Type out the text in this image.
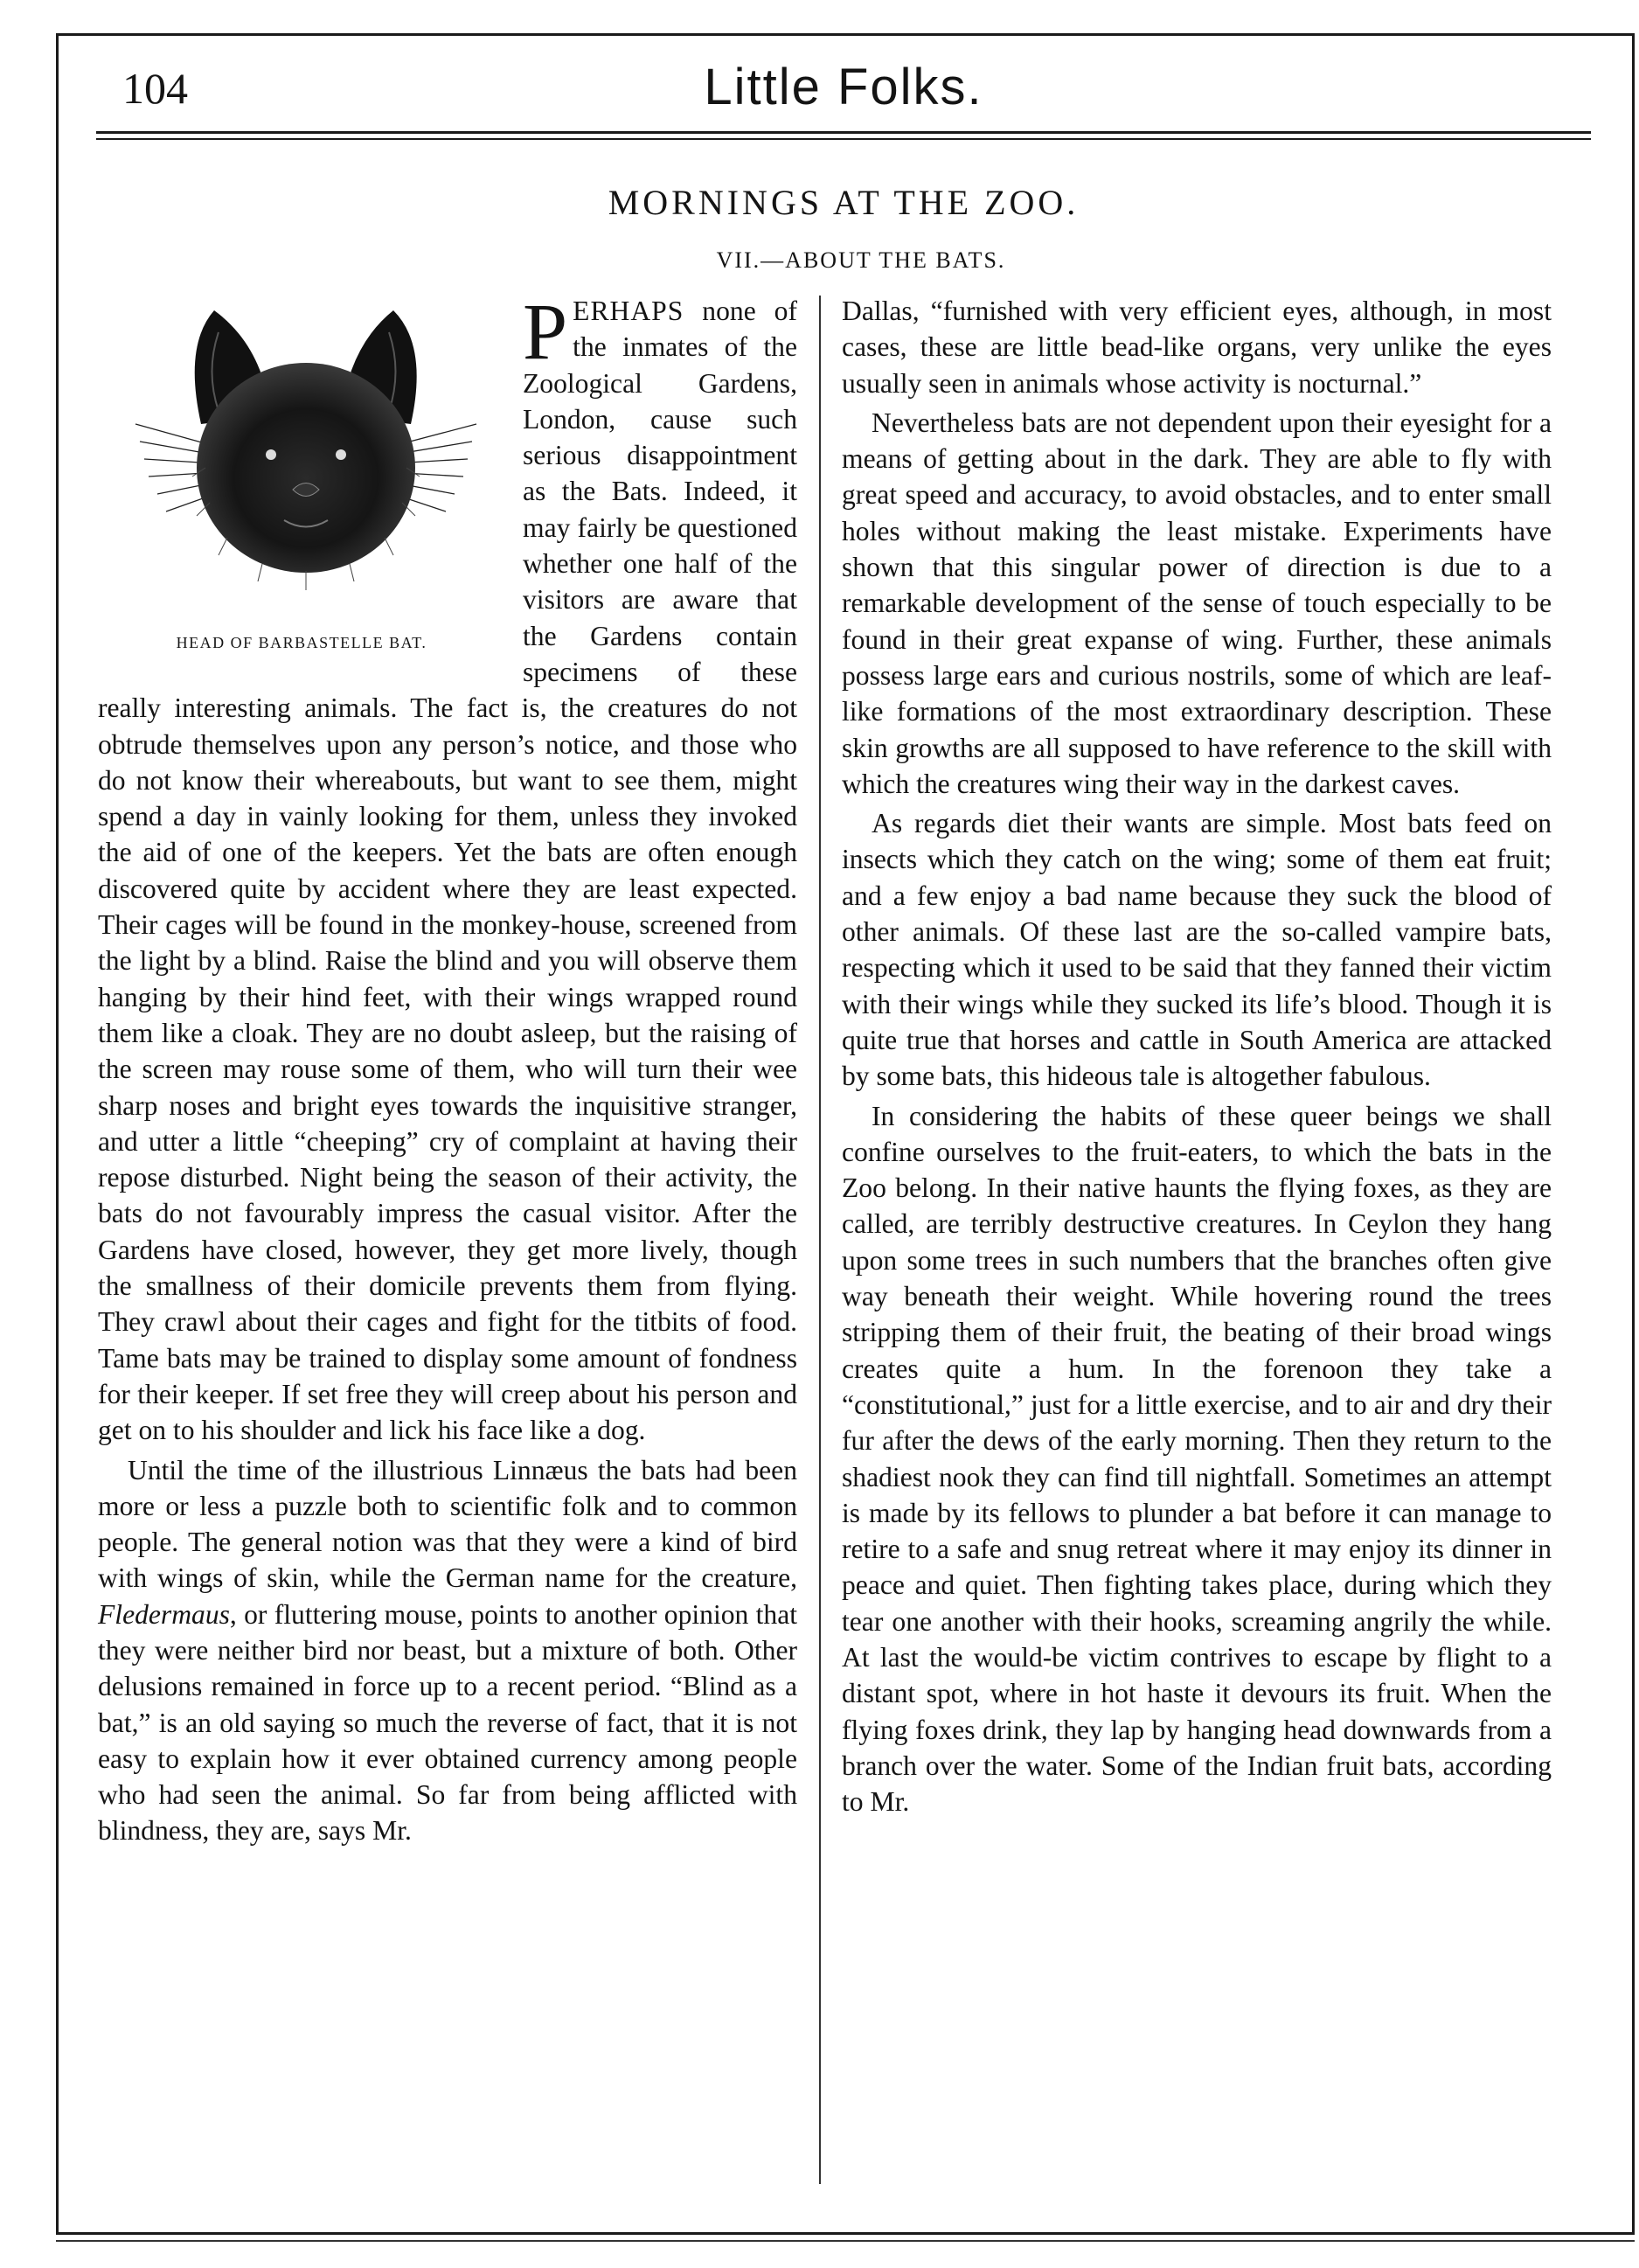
104	Little Folks.
MORNINGS AT THE ZOO.
VII.—ABOUT THE BATS.
HEAD OF BARBASTELLE BAT.

PERHAPS none of the inmates of the Zoological Gardens, London, cause such serious disappointment as the Bats. Indeed, it may fairly be questioned whether one half of the visitors are aware that the Gardens contain specimens of these really interesting animals. The fact is, the creatures do not obtrude themselves upon any person’s notice, and those who do not know their whereabouts, but want to see them, might spend a day in vainly looking for them, unless they invoked the aid of one of the keepers. Yet the bats are often enough discovered quite by accident where they are least expected. Their cages will be found in the monkey-house, screened from the light by a blind. Raise the blind and you will observe them hanging by their hind feet, with their wings wrapped round them like a cloak. They are no doubt asleep, but the raising of the screen may rouse some of them, who will turn their wee sharp noses and bright eyes towards the inquisitive stranger, and utter a little “cheeping” cry of complaint at having their repose disturbed. Night being the season of their activity, the bats do not favourably impress the casual visitor. After the Gardens have closed, however, they get more lively, though the smallness of their domicile prevents them from flying. They crawl about their cages and fight for the titbits of food. Tame bats may be trained to display some amount of fondness for their keeper. If set free they will creep about his person and get on to his shoulder and lick his face like a dog.

Until the time of the illustrious Linnæus the bats had been more or less a puzzle both to scientific folk and to common people. The general notion was that they were a kind of bird with wings of skin, while the German name for the creature, Fledermaus, or fluttering mouse, points to another opinion that they were neither bird nor beast, but a mixture of both. Other delusions remained in force up to a recent period. “Blind as a bat,” is an old saying so much the reverse of fact, that it is not easy to explain how it ever obtained currency among people who had seen the animal. So far from being afflicted with blindness, they are, says Mr.

Dallas, “furnished with very efficient eyes, although, in most cases, these are little bead-like organs, very unlike the eyes usually seen in animals whose activity is nocturnal.”

Nevertheless bats are not dependent upon their eyesight for a means of getting about in the dark. They are able to fly with great speed and accuracy, to avoid obstacles, and to enter small holes without making the least mistake. Experiments have shown that this singular power of direction is due to a remarkable development of the sense of touch especially to be found in their great expanse of wing. Further, these animals possess large ears and curious nostrils, some of which are leaf-like formations of the most extraordinary description. These skin growths are all supposed to have reference to the skill with which the creatures wing their way in the darkest caves.

As regards diet their wants are simple. Most bats feed on insects which they catch on the wing; some of them eat fruit; and a few enjoy a bad name because they suck the blood of other animals. Of these last are the so-called vampire bats, respecting which it used to be said that they fanned their victim with their wings while they sucked its life’s blood. Though it is quite true that horses and cattle in South America are attacked by some bats, this hideous tale is altogether fabulous.

In considering the habits of these queer beings we shall confine ourselves to the fruit-eaters, to which the bats in the Zoo belong. In their native haunts the flying foxes, as they are called, are terribly destructive creatures. In Ceylon they hang upon some trees in such numbers that the branches often give way beneath their weight. While hovering round the trees stripping them of their fruit, the beating of their broad wings creates quite a hum. In the forenoon they take a “constitutional,” just for a little exercise, and to air and dry their fur after the dews of the early morning. Then they return to the shadiest nook they can find till nightfall. Sometimes an attempt is made by its fellows to plunder a bat before it can manage to retire to a safe and snug retreat where it may enjoy its dinner in peace and quiet. Then fighting takes place, during which they tear one another with their hooks, screaming angrily the while. At last the would-be victim contrives to escape by flight to a distant spot, where in hot haste it devours its fruit. When the flying foxes drink, they lap by hanging head downwards from a branch over the water. Some of the Indian fruit bats, according to Mr.
